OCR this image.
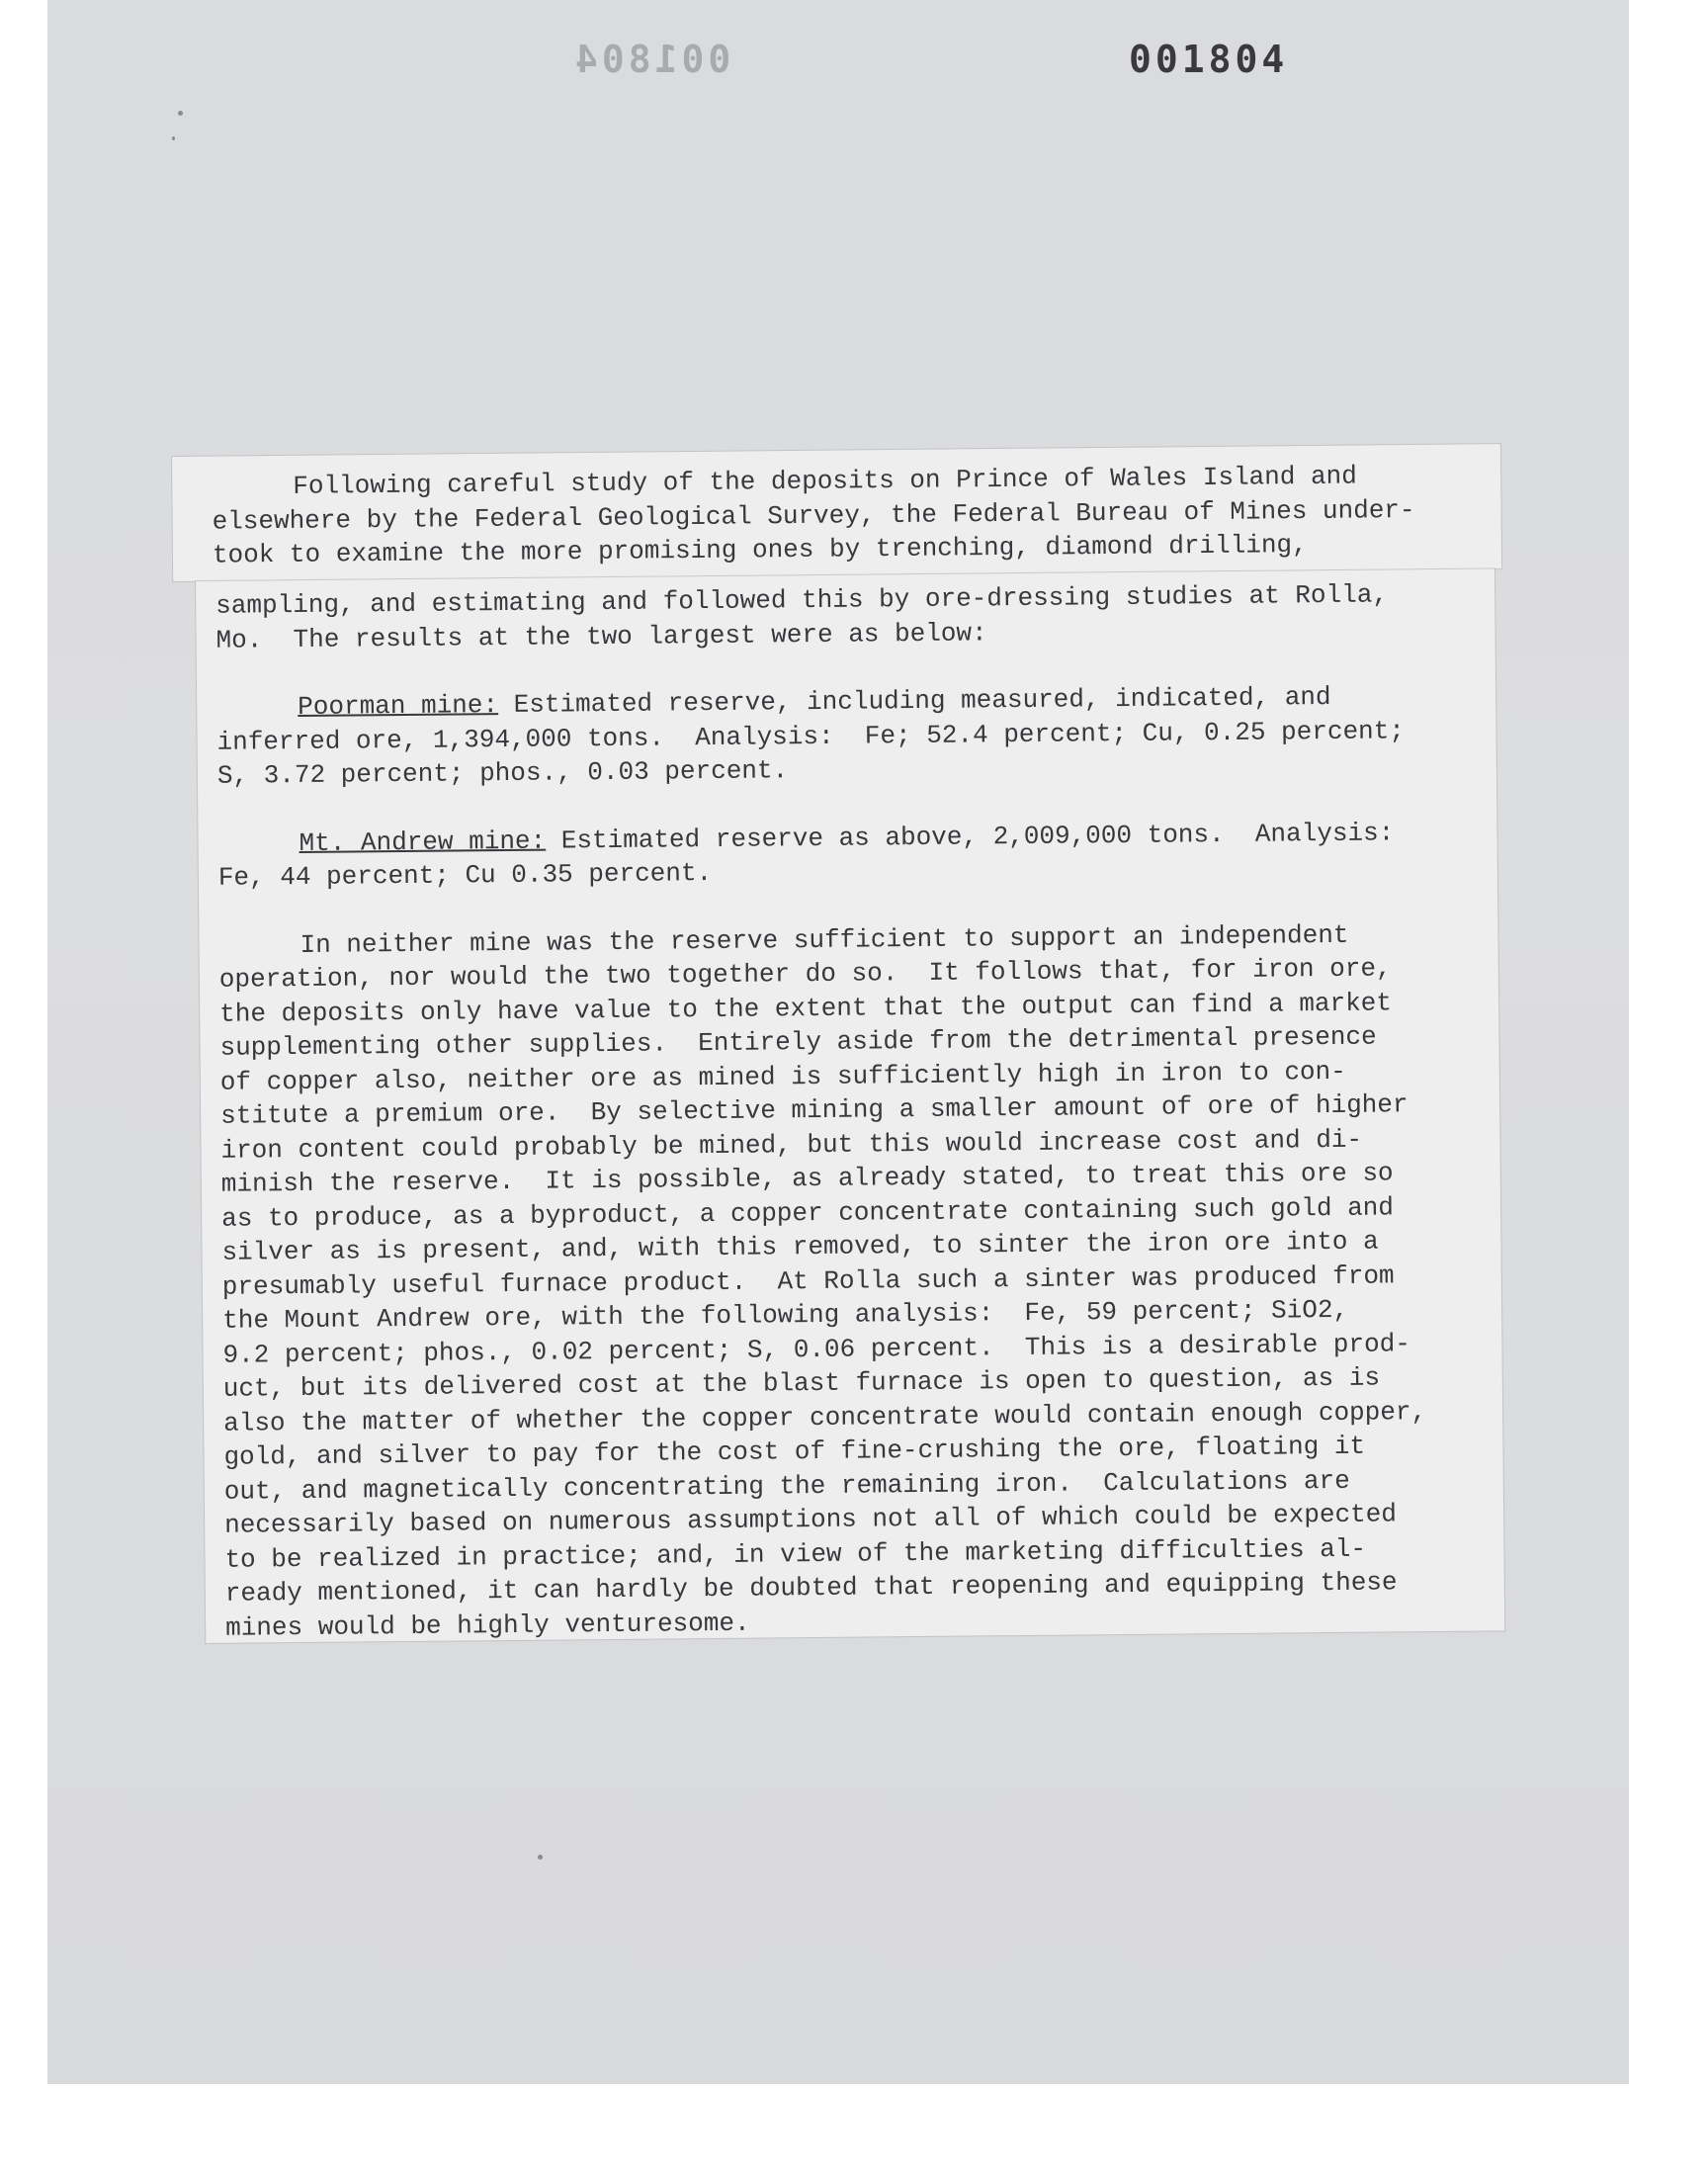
001804	001804

Following careful study of the deposits on Prince of Wales Island and

elsewhere by the Federal Geological Survey, the Federal Bureau of Mines under-

took to examine the more promising ones by trenching, diamond drilling,

sampling, and estimating and followed this by ore-dressing studies at Rolla,

Mo.  The results at the two largest were as below:

Poorman mine: Estimated reserve, including measured, indicated, and

inferred ore, 1,394,000 tons.  Analysis:  Fe; 52.4 percent; Cu, 0.25 percent;

S, 3.72 percent; phos., 0.03 percent.

Mt. Andrew mine: Estimated reserve as above, 2,009,000 tons.  Analysis:

Fe, 44 percent; Cu 0.35 percent.

In neither mine was the reserve sufficient to support an independent

operation, nor would the two together do so.  It follows that, for iron ore,

the deposits only have value to the extent that the output can find a market

supplementing other supplies.  Entirely aside from the detrimental presence

of copper also, neither ore as mined is sufficiently high in iron to con-

stitute a premium ore.  By selective mining a smaller amount of ore of higher

iron content could probably be mined, but this would increase cost and di-

minish the reserve.  It is possible, as already stated, to treat this ore so

as to produce, as a byproduct, a copper concentrate containing such gold and

silver as is present, and, with this removed, to sinter the iron ore into a

presumably useful furnace product.  At Rolla such a sinter was produced from

the Mount Andrew ore, with the following analysis:  Fe, 59 percent; SiO2,

9.2 percent; phos., 0.02 percent; S, 0.06 percent.  This is a desirable prod-

uct, but its delivered cost at the blast furnace is open to question, as is

also the matter of whether the copper concentrate would contain enough copper,

gold, and silver to pay for the cost of fine-crushing the ore, floating it

out, and magnetically concentrating the remaining iron.  Calculations are

necessarily based on numerous assumptions not all of which could be expected

to be realized in practice; and, in view of the marketing difficulties al-

ready mentioned, it can hardly be doubted that reopening and equipping these

mines would be highly venturesome.
